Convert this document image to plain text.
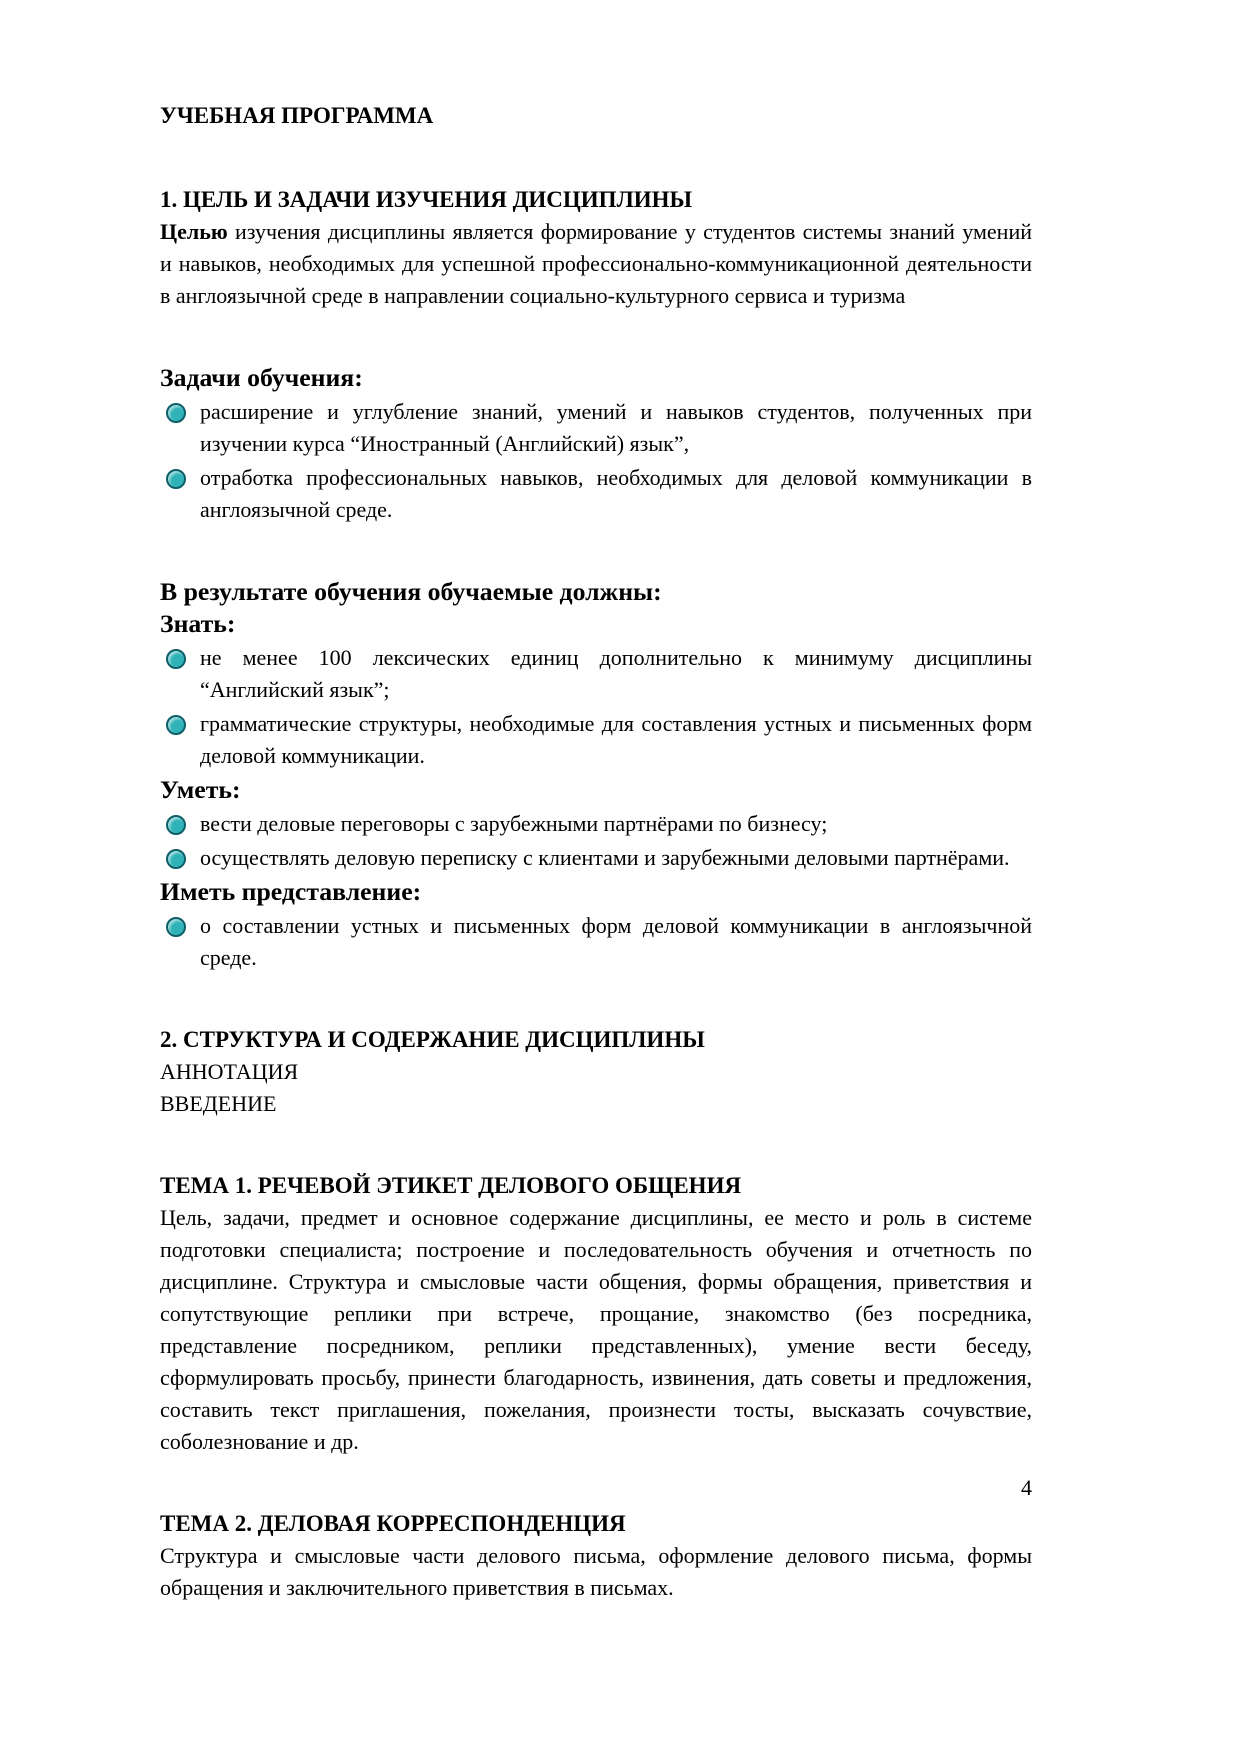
УЧЕБНАЯ ПРОГРАММА
1. ЦЕЛЬ И ЗАДАЧИ ИЗУЧЕНИЯ ДИСЦИПЛИНЫ

Целью изучения дисциплины является формирование у студентов системы знаний умений и навыков, необходимых для успешной профессионально-коммуникационной деятельности в англоязычной среде в направлении социально-культурного сервиса и туризма

Задачи обучения:
расширение и углубление знаний, умений и навыков студентов, полученных при изучении курса “Иностранный (Английский) язык”,
отработка профессиональных навыков, необходимых для деловой коммуникации в англоязычной среде.
В результате обучения обучаемые должны:
Знать:
не менее 100 лексических единиц дополнительно к минимуму дисциплины “Английский язык”;
грамматические структуры, необходимые для составления устных и письменных форм деловой коммуникации.
Уметь:
вести деловые переговоры с зарубежными партнёрами по бизнесу;
осуществлять деловую переписку с клиентами и зарубежными деловыми партнёрами.
Иметь представление:
о составлении устных и письменных форм деловой коммуникации в англоязычной среде.
2. СТРУКТУРА И СОДЕРЖАНИЕ ДИСЦИПЛИНЫ

АННОТАЦИЯ

ВВЕДЕНИЕ

ТЕМА 1. РЕЧЕВОЙ ЭТИКЕТ ДЕЛОВОГО ОБЩЕНИЯ

Цель, задачи, предмет и основное содержание дисциплины, ее место и роль в системе подготовки специалиста; построение и последовательность обучения и отчетность по дисциплине. Структура и смысловые части общения, формы обращения, приветствия и сопутствующие реплики при встрече, прощание, знакомство (без посредника, представление посредником, реплики представленных), умение вести беседу, сформулировать просьбу, принести благодарность, извинения, дать советы и предложения, составить текст приглашения, пожелания, произнести тосты, высказать сочувствие, соболезнование и др.

ТЕМА 2. ДЕЛОВАЯ КОРРЕСПОНДЕНЦИЯ

Структура и смысловые части делового письма, оформление делового письма, формы обращения и заключительного приветствия в письмах.

4
